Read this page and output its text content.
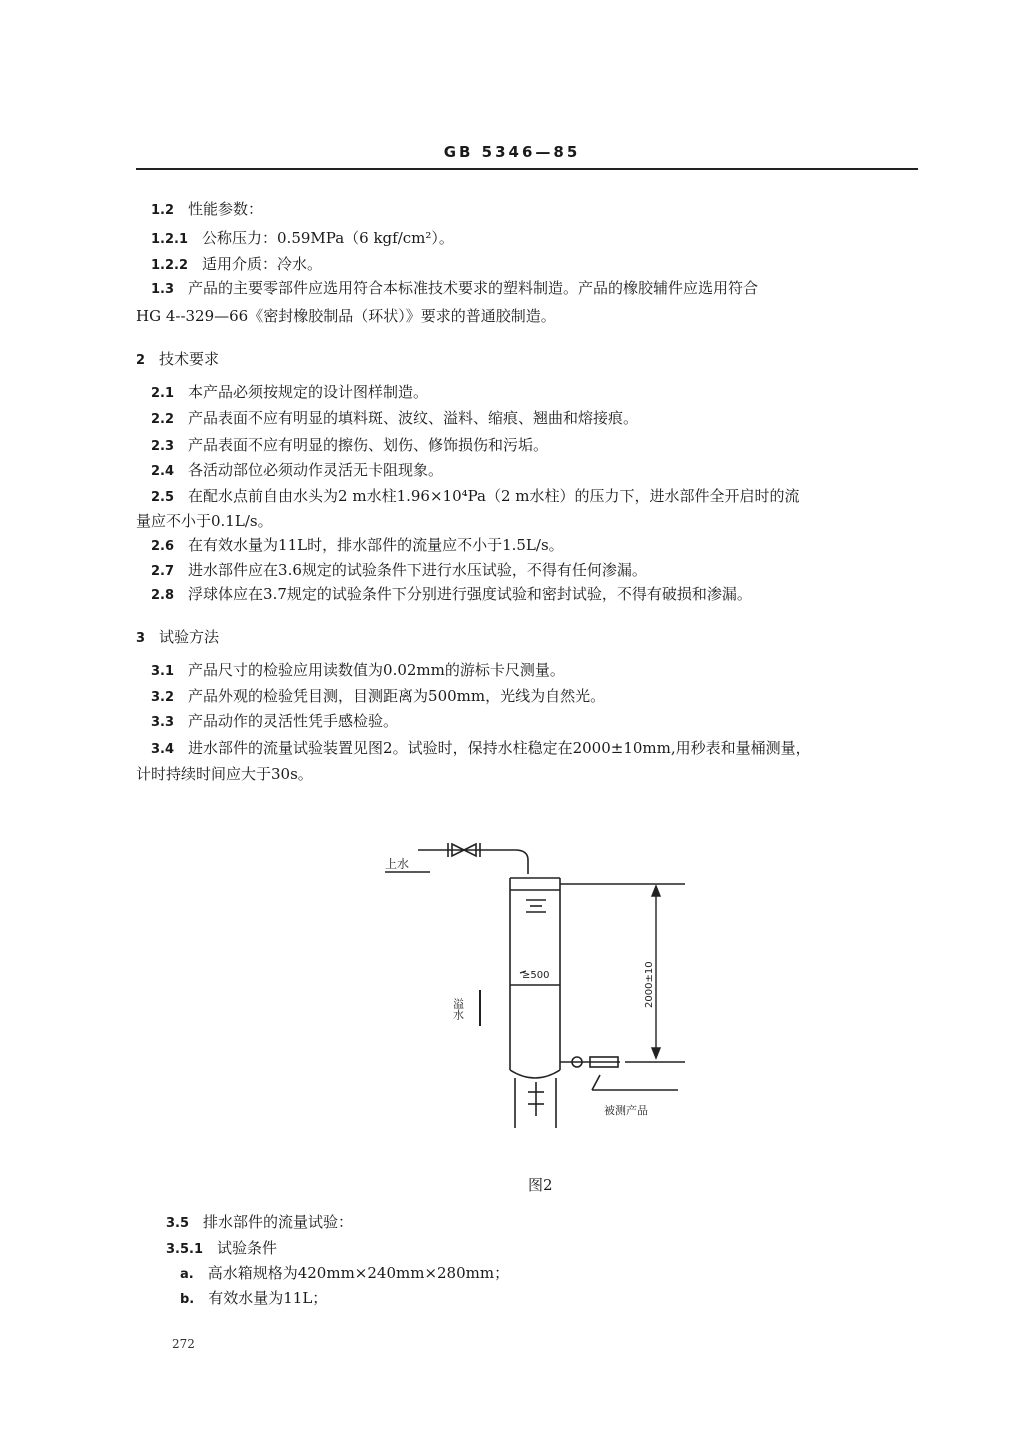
GB 5346—85
1.2 性能参数：
1.2.1 公称压力：0.59MPa（6 kgf/cm²）。
1.2.2 适用介质：冷水。
1.3 产品的主要零部件应选用符合本标准技术要求的塑料制造。产品的橡胶辅件应选用符合
HG 4--329—66《密封橡胶制品（环状）》要求的普通胶制造。
2 技术要求
2.1 本产品必须按规定的设计图样制造。
2.2 产品表面不应有明显的填料斑、波纹、溢料、缩痕、翘曲和熔接痕。
2.3 产品表面不应有明显的擦伤、划伤、修饰损伤和污垢。
2.4 各活动部位必须动作灵活无卡阻现象。
2.5 在配水点前自由水头为2 m水柱1.96×10⁴Pa（2 m水柱）的压力下，进水部件全开启时的流
量应不小于0.1L/s。
2.6 在有效水量为11L时，排水部件的流量应不小于1.5L/s。
2.7 进水部件应在3.6规定的试验条件下进行水压试验，不得有任何渗漏。
2.8 浮球体应在3.7规定的试验条件下分别进行强度试验和密封试验，不得有破损和渗漏。
3 试验方法
3.1 产品尺寸的检验应用读数值为0.02mm的游标卡尺测量。
3.2 产品外观的检验凭目测，目测距离为500mm，光线为自然光。
3.3 产品动作的灵活性凭手感检验。
3.4 进水部件的流量试验装置见图2。试验时，保持水柱稳定在2000±10mm,用秒表和量桶测量，
计时持续时间应大于30s。
3.5 排水部件的流量试验：
3.5.1 试验条件
a. 高水箱规格为420mm×240mm×280mm；
b. 有效水量为11L；
上水
≥500
溢水
2000±10
被测产品
图2
272
